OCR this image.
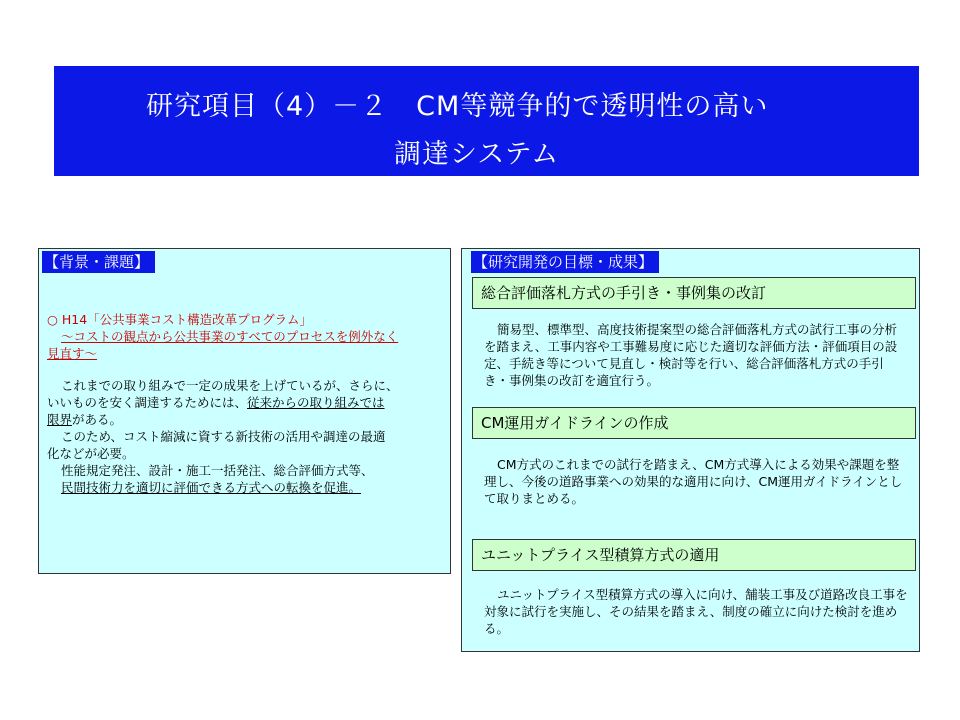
研究項目（4）－２　CM等競争的で透明性の高い
調達システム
【背景・課題】

○ H14「公共事業コスト構造改革プログラム」

～コストの観点から公共事業のすべてのプロセスを例外なく

見直す～

これまでの取り組みで一定の成果を上げているが、さらに、

いいものを安く調達するためには、従来からの取り組みでは

限界がある。

このため、コスト縮減に資する新技術の活用や調達の最適

化などが必要。

性能規定発注、設計・施工一括発注、総合評価方式等、

民間技術力を適切に評価できる方式への転換を促進。

【研究開発の目標・成果】
総合評価落札方式の手引き・事例集の改訂

簡易型、標準型、高度技術提案型の総合評価落札方式の試行工事の分析を踏まえ、工事内容や工事難易度に応じた適切な評価方法・評価項目の設定、手続き等について見直し・検討等を行い、総合評価落札方式の手引き・事例集の改訂を適宜行う。

CM運用ガイドラインの作成

CM方式のこれまでの試行を踏まえ、CM方式導入による効果や課題を整理し、今後の道路事業への効果的な適用に向け、CM運用ガイドラインとして取りまとめる。

ユニットプライス型積算方式の適用

ユニットプライス型積算方式の導入に向け、舗装工事及び道路改良工事を対象に試行を実施し、その結果を踏まえ、制度の確立に向けた検討を進める。
